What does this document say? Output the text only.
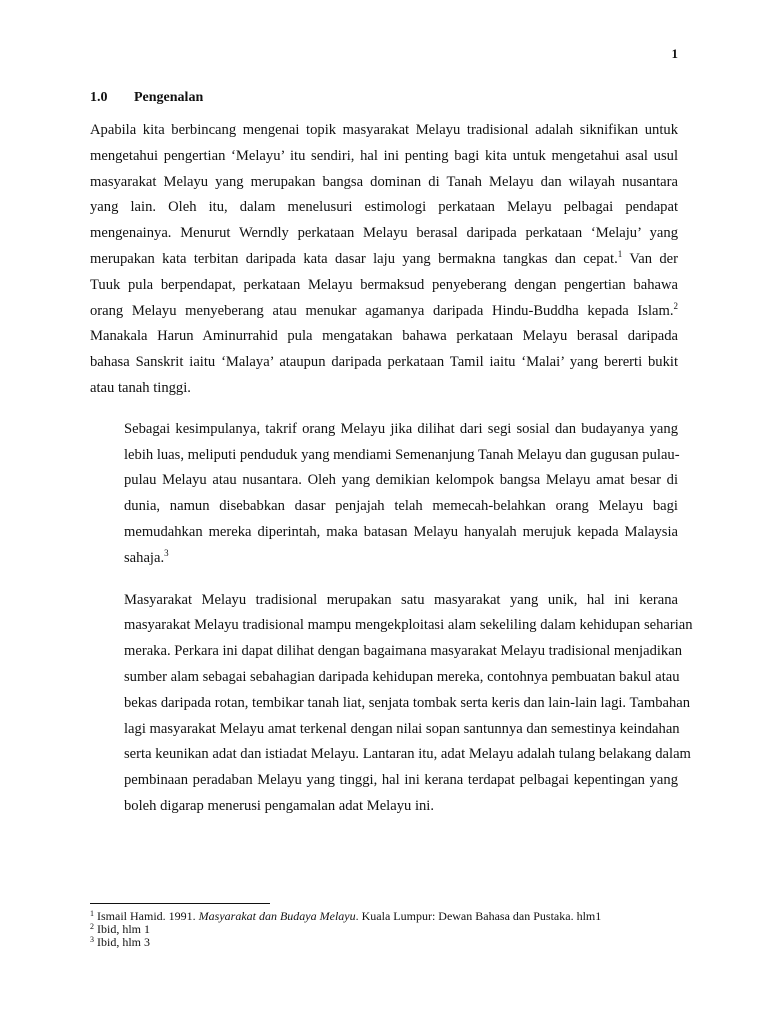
1
1.0 Pengenalan

Apabila kita berbincang mengenai topik masyarakat Melayu tradisional adalah siknifikan untuk
mengetahui pengertian ‘Melayu’ itu sendiri, hal ini penting bagi kita untuk mengetahui asal usul
masyarakat Melayu yang merupakan bangsa dominan di Tanah Melayu dan wilayah nusantara
yang lain. Oleh itu, dalam menelusuri estimologi perkataan Melayu pelbagai pendapat
mengenainya. Menurut Werndly perkataan Melayu berasal daripada perkataan ‘Melaju’ yang
merupakan kata terbitan daripada kata dasar laju yang bermakna tangkas dan cepat.$^1$ Van der
Tuuk pula berpendapat, perkataan Melayu bermaksud penyeberang dengan pengertian bahawa
orang Melayu menyeberang atau menukar agamanya daripada Hindu-Buddha kepada Islam.$^2$
Manakala Harun Aminurrahid pula mengatakan bahawa perkataan Melayu berasal daripada
bahasa Sanskrit iaitu ‘Malaya’ ataupun daripada perkataan Tamil iaitu ‘Malai’ yang bererti bukit
atau tanah tinggi.

Sebagai kesimpulanya, takrif orang Melayu jika dilihat dari segi sosial dan budayanya yang
lebih luas, meliputi penduduk yang mendiami Semenanjung Tanah Melayu dan gugusan pulau-
pulau Melayu atau nusantara. Oleh yang demikian kelompok bangsa Melayu amat besar di
dunia, namun disebabkan dasar penjajah telah memecah-belahkan orang Melayu bagi
memudahkan mereka diperintah, maka batasan Melayu hanyalah merujuk kepada Malaysia
sahaja.$^3$

Masyarakat Melayu tradisional merupakan satu masyarakat yang unik, hal ini kerana
masyarakat Melayu tradisional mampu mengekploitasi alam sekeliling dalam kehidupan seharian
meraka. Perkara ini dapat dilihat dengan bagaimana masyarakat Melayu tradisional menjadikan
sumber alam sebagai sebahagian daripada kehidupan mereka, contohnya pembuatan bakul atau
bekas daripada rotan, tembikar tanah liat, senjata tombak serta keris dan lain-lain lagi. Tambahan
lagi masyarakat Melayu amat terkenal dengan nilai sopan santunnya dan semestinya keindahan
serta keunikan adat dan istiadat Melayu. Lantaran itu, adat Melayu adalah tulang belakang dalam
pembinaan peradaban Melayu yang tinggi, hal ini kerana terdapat pelbagai kepentingan yang
boleh digarap menerusi pengamalan adat Melayu ini.

$^1$ Ismail Hamid. 1991. Masyarakat dan Budaya Melayu. Kuala Lumpur: Dewan Bahasa dan Pustaka. hlm1
$^2$ Ibid, hlm 1
$^3$ Ibid, hlm 3
